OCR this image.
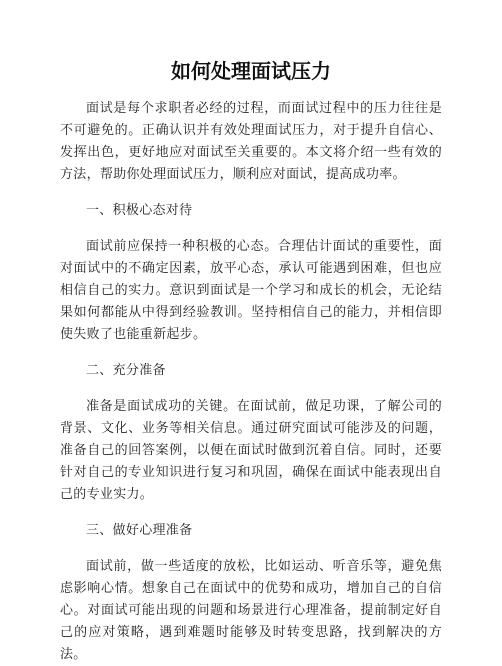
如何处理面试压力

面试是每个求职者必经的过程，而面试过程中的压力往往是不可避免的。正确认识并有效处理面试压力，对于提升自信心、发挥出色，更好地应对面试至关重要的。本文将介绍一些有效的方法，帮助你处理面试压力，顺利应对面试，提高成功率。

一、积极心态对待

面试前应保持一种积极的心态。合理估计面试的重要性，面对面试中的不确定因素，放平心态，承认可能遇到困难，但也应相信自己的实力。意识到面试是一个学习和成长的机会，无论结果如何都能从中得到经验教训。坚持相信自己的能力，并相信即使失败了也能重新起步。

二、充分准备

准备是面试成功的关键。在面试前，做足功课，了解公司的背景、文化、业务等相关信息。通过研究面试可能涉及的问题，准备自己的回答案例，以便在面试时做到沉着自信。同时，还要针对自己的专业知识进行复习和巩固，确保在面试中能表现出自己的专业实力。

三、做好心理准备

面试前，做一些适度的放松，比如运动、听音乐等，避免焦虑影响心情。想象自己在面试中的优势和成功，增加自己的自信心。对面试可能出现的问题和场景进行心理准备，提前制定好自己的应对策略，遇到难题时能够及时转变思路，找到解决的方法。
